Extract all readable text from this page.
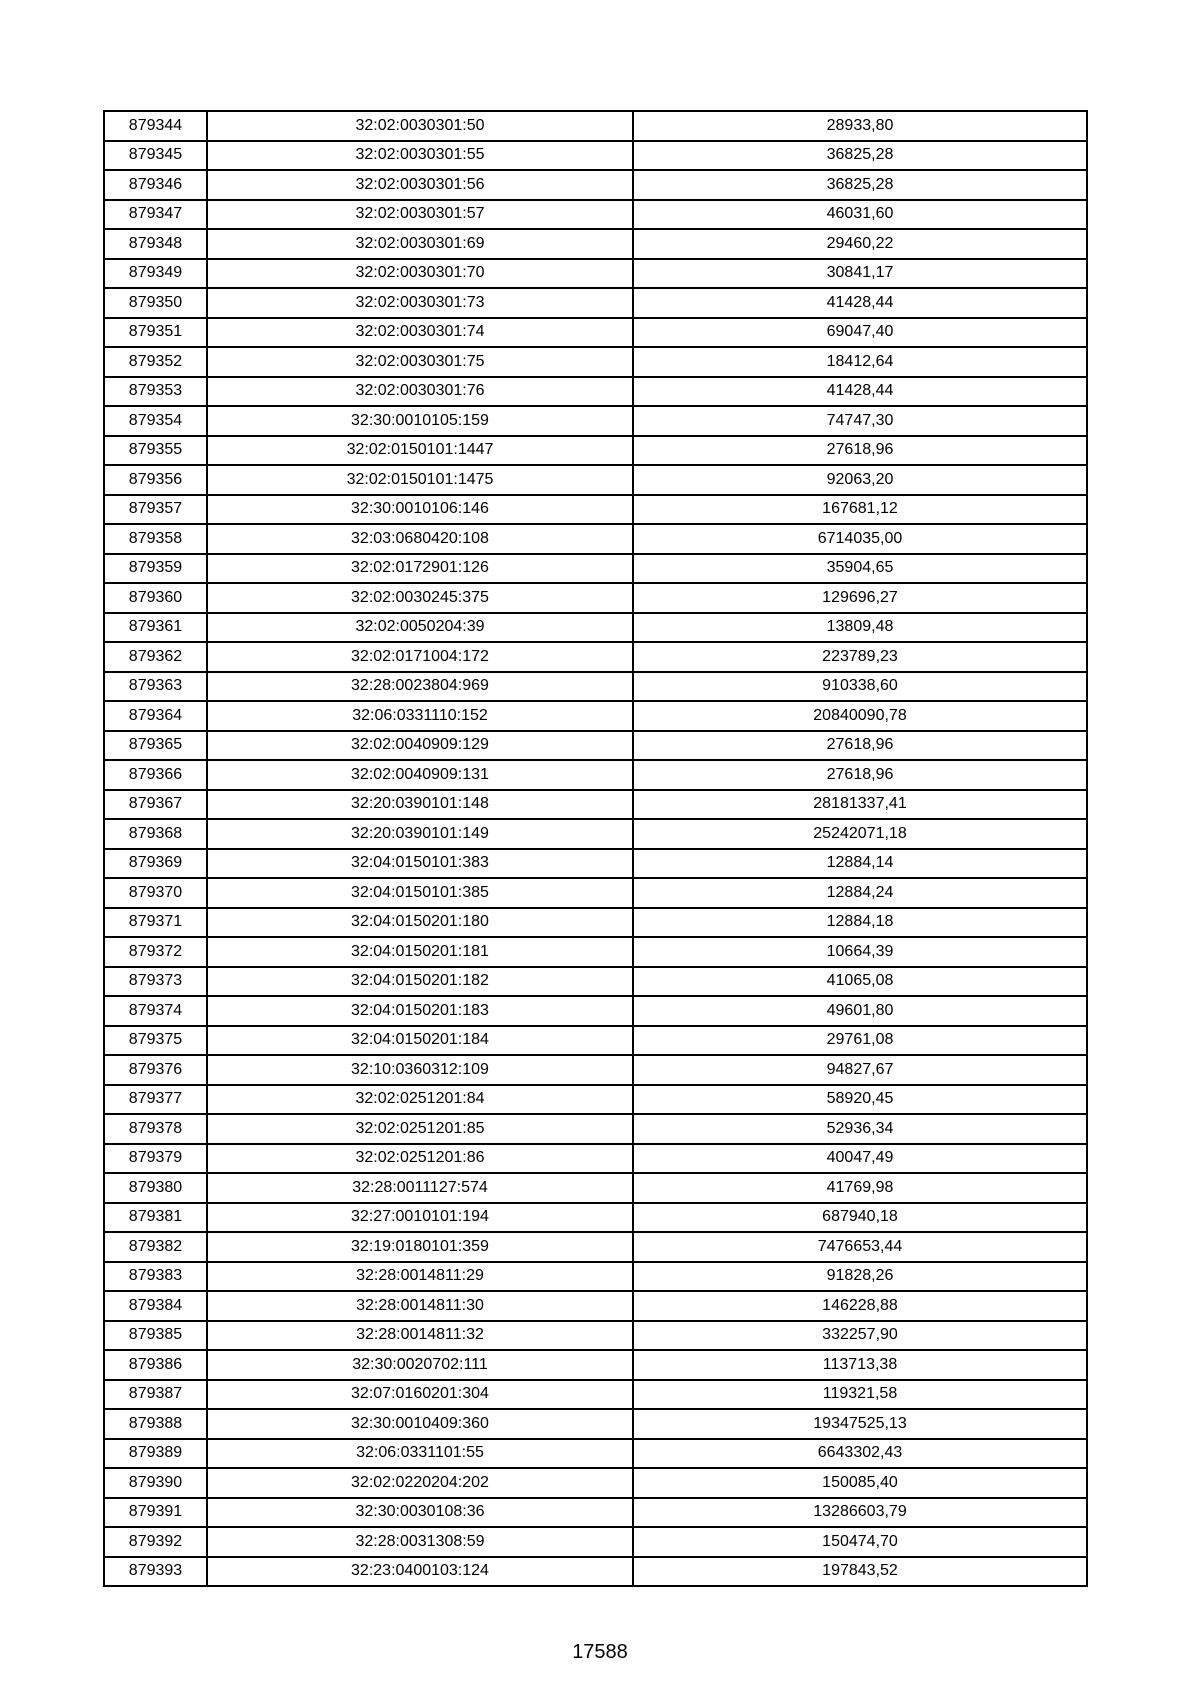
879344	32:02:0030301:50	28933,80
879345	32:02:0030301:55	36825,28
879346	32:02:0030301:56	36825,28
879347	32:02:0030301:57	46031,60
879348	32:02:0030301:69	29460,22
879349	32:02:0030301:70	30841,17
879350	32:02:0030301:73	41428,44
879351	32:02:0030301:74	69047,40
879352	32:02:0030301:75	18412,64
879353	32:02:0030301:76	41428,44
879354	32:30:0010105:159	74747,30
879355	32:02:0150101:1447	27618,96
879356	32:02:0150101:1475	92063,20
879357	32:30:0010106:146	167681,12
879358	32:03:0680420:108	6714035,00
879359	32:02:0172901:126	35904,65
879360	32:02:0030245:375	129696,27
879361	32:02:0050204:39	13809,48
879362	32:02:0171004:172	223789,23
879363	32:28:0023804:969	910338,60
879364	32:06:0331110:152	20840090,78
879365	32:02:0040909:129	27618,96
879366	32:02:0040909:131	27618,96
879367	32:20:0390101:148	28181337,41
879368	32:20:0390101:149	25242071,18
879369	32:04:0150101:383	12884,14
879370	32:04:0150101:385	12884,24
879371	32:04:0150201:180	12884,18
879372	32:04:0150201:181	10664,39
879373	32:04:0150201:182	41065,08
879374	32:04:0150201:183	49601,80
879375	32:04:0150201:184	29761,08
879376	32:10:0360312:109	94827,67
879377	32:02:0251201:84	58920,45
879378	32:02:0251201:85	52936,34
879379	32:02:0251201:86	40047,49
879380	32:28:0011127:574	41769,98
879381	32:27:0010101:194	687940,18
879382	32:19:0180101:359	7476653,44
879383	32:28:0014811:29	91828,26
879384	32:28:0014811:30	146228,88
879385	32:28:0014811:32	332257,90
879386	32:30:0020702:111	113713,38
879387	32:07:0160201:304	119321,58
879388	32:30:0010409:360	19347525,13
879389	32:06:0331101:55	6643302,43
879390	32:02:0220204:202	150085,40
879391	32:30:0030108:36	13286603,79
879392	32:28:0031308:59	150474,70
879393	32:23:0400103:124	197843,52
17588
